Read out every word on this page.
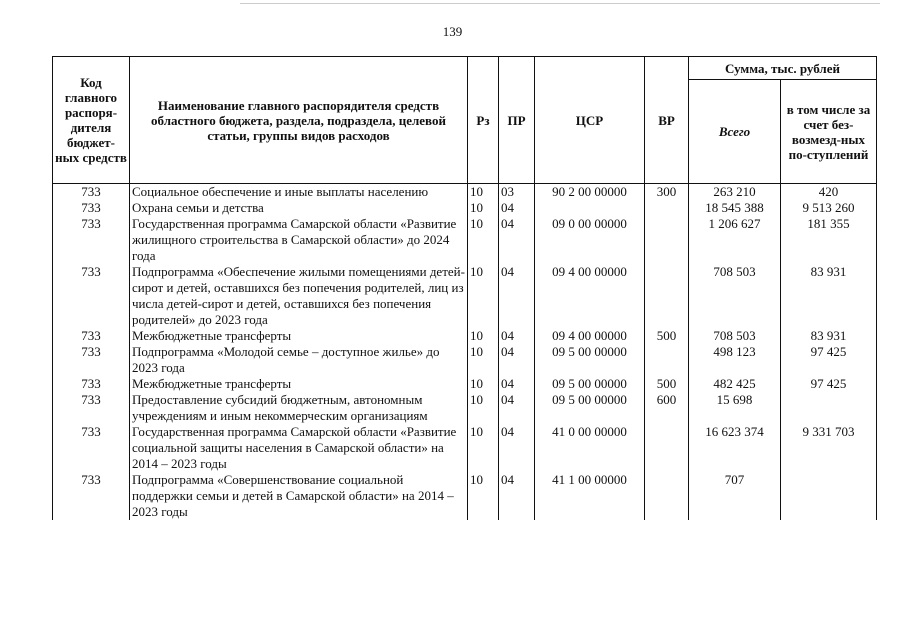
139
Код главного распоря-дителя бюджет-ных средств	Наименование главного распорядителя средств областного бюджета, раздела, подраздела, целевой статьи, группы видов расходов	Рз	ПР	ЦСР	ВР	Сумма, тыс. рублей	
						Всего	в том числе за счет без-возмезд-ных по-ступлений
733	Социальное обеспечение и иные выплаты населению	10	03	90 2 00 00000	300	263 210	420
733	Охрана семьи и детства	10	04			18 545 388	9 513 260
733	Государственная программа Самарской области «Развитие жилищного строительства в Самарской области» до 2024 года	10	04	09 0 00 00000		1 206 627	181 355
733	Подпрограмма «Обеспечение жилыми помещениями детей-сирот и детей, оставшихся без попечения родителей, лиц из числа детей-сирот и детей, оставшихся без попечения родителей» до 2023 года	10	04	09 4 00 00000		708 503	83 931
733	Межбюджетные трансферты	10	04	09 4 00 00000	500	708 503	83 931
733	Подпрограмма «Молодой семье – доступное жилье» до 2023 года	10	04	09 5 00 00000		498 123	97 425
733	Межбюджетные трансферты	10	04	09 5 00 00000	500	482 425	97 425
733	Предоставление субсидий бюджетным, автономным учреждениям и иным некоммерческим организациям	10	04	09 5 00 00000	600	15 698	
733	Государственная программа Самарской области «Развитие социальной защиты населения в Самарской области» на 2014 – 2023 годы	10	04	41 0 00 00000		16 623 374	9 331 703
733	Подпрограмма «Совершенствование социальной поддержки семьи и детей в Самарской области» на 2014 – 2023 годы	10	04	41 1 00 00000		707	
